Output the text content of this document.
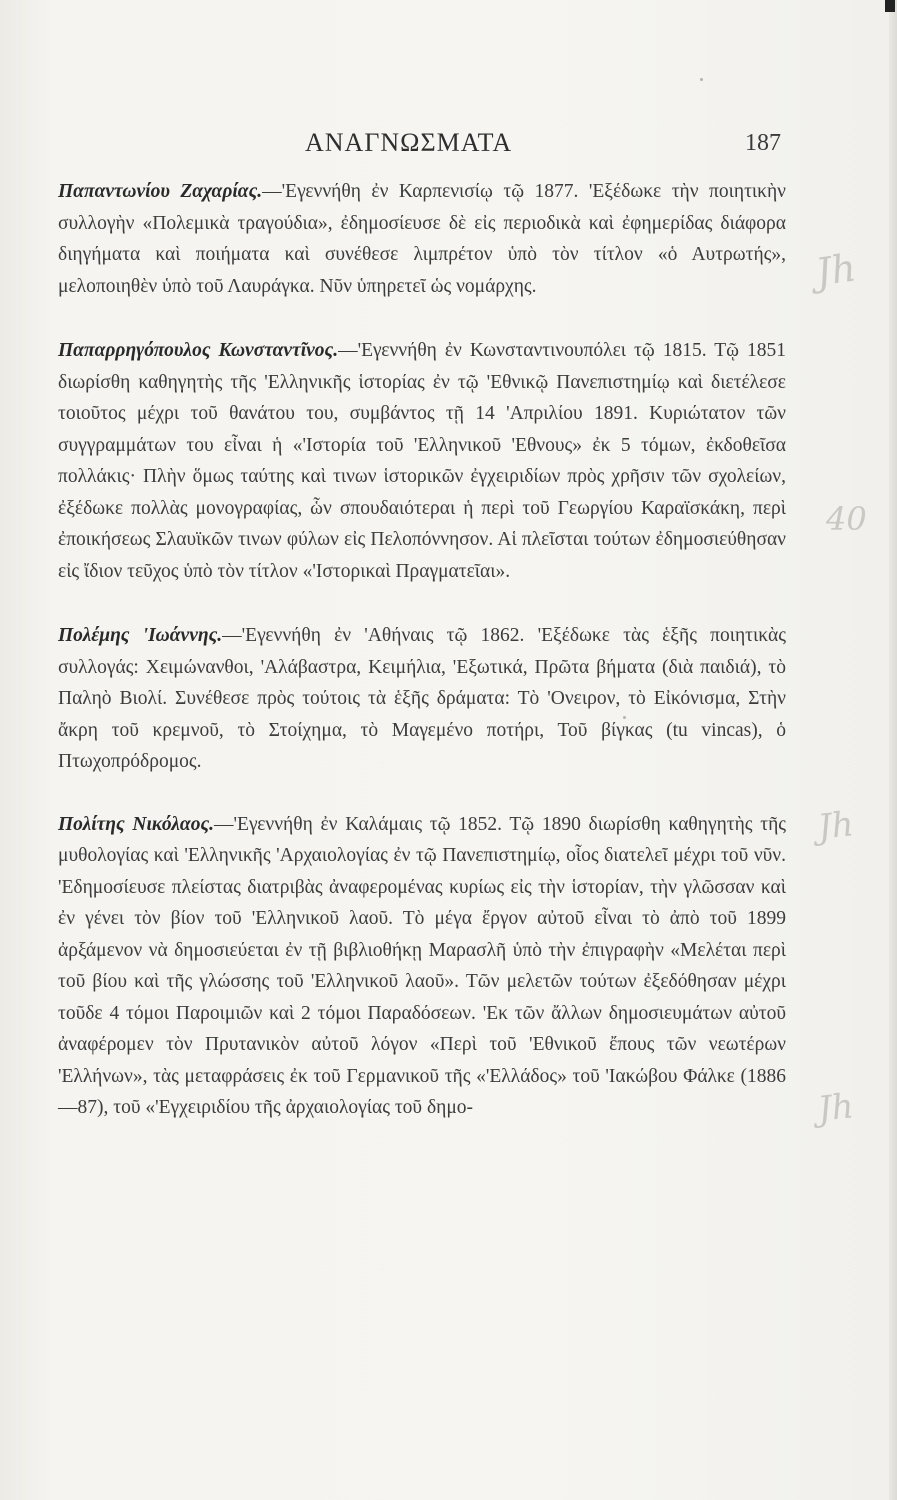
ΑΝΑΓΝΩΣΜΑΤΑ	187

Παπαντωνίου Ζαχαρίας.—'Εγεννήθη ἐν Καρπενισίῳ τῷ 1877. 'Εξέδωκε τὴν ποιητικὴν συλλογὴν «Πολεμικὰ τραγούδια», ἐδημοσίευσε δὲ εἰς περιοδικὰ καὶ ἐφημερίδας διάφορα διηγήματα καὶ ποιήματα καὶ συνέθεσε λιμπρέτον ὑπὸ τὸν τίτλον «ὁ Αυτρωτής», μελοποιηθὲν ὑπὸ τοῦ Λαυράγκα. Νῦν ὑπηρετεῖ ὡς νομάρχης.

Παπαρρηγόπουλος Κωνσταντῖνος.—'Εγεννήθη ἐν Κωνσταντινουπόλει τῷ 1815. Τῷ 1851 διωρίσθη καθηγητὴς τῆς 'Ελληνικῆς ἱστορίας ἐν τῷ 'Εθνικῷ Πανεπιστημίῳ καὶ διετέλεσε τοιοῦτος μέχρι τοῦ θανάτου του, συμβάντος τῇ 14 'Απριλίου 1891. Κυριώτατον τῶν συγγραμμάτων του εἶναι ἡ «'Ιστορία τοῦ 'Ελληνικοῦ 'Εθνους» ἐκ 5 τόμων, ἐκδοθεῖσα πολλάκις· Πλὴν ὅμως ταύτης καὶ τινων ἱστορικῶν ἐγχειριδίων πρὸς χρῆσιν τῶν σχολείων, ἐξέδωκε πολλὰς μονογραφίας, ὧν σπουδαιότεραι ἡ περὶ τοῦ Γεωργίου Καραϊσκάκη, περὶ ἐποικήσεως Σλαυϊκῶν τινων φύλων εἰς Πελοπόννησον. Αἱ πλεῖσται τούτων ἐδημοσιεύθησαν εἰς ἴδιον τεῦχος ὑπὸ τὸν τίτλον «'Ιστορικαὶ Πραγματεῖαι».

Πολέμης 'Ιωάννης.—'Εγεννήθη ἐν 'Αθήναις τῷ 1862. 'Εξέδωκε τὰς ἑξῆς ποιητικὰς συλλογάς: Χειμώνανθοι, 'Αλάβαστρα, Κειμήλια, 'Εξωτικά, Πρῶτα βήματα (διὰ παιδιά), τὸ Παληὸ Βιολί. Συνέθεσε πρὸς τούτοις τὰ ἑξῆς δράματα: Τὸ 'Ονειρον, τὸ Εἰκόνισμα, Στὴν ἄκρη τοῦ κρεμνοῦ, τὸ Στοίχημα, τὸ Μαγεμένο ποτήρι, Τοῦ βίγκας (tu vincas), ὁ Πτωχοπρόδρομος.

Πολίτης Νικόλαος.—'Εγεννήθη ἐν Καλάμαις τῷ 1852. Τῷ 1890 διωρίσθη καθηγητὴς τῆς μυθολογίας καὶ 'Ελληνικῆς 'Αρχαιολογίας ἐν τῷ Πανεπιστημίῳ, οἷος διατελεῖ μέχρι τοῦ νῦν. 'Εδημοσίευσε πλείστας διατριβὰς ἀναφερομένας κυρίως εἰς τὴν ἱστορίαν, τὴν γλῶσσαν καὶ ἐν γένει τὸν βίον τοῦ 'Ελληνικοῦ λαοῦ. Τὸ μέγα ἔργον αὐτοῦ εἶναι τὸ ἀπὸ τοῦ 1899 ἀρξάμενον νὰ δημοσιεύεται ἐν τῇ βιβλιοθήκῃ Μαρασλῆ ὑπὸ τὴν ἐπιγραφὴν «Μελέται περὶ τοῦ βίου καὶ τῆς γλώσσης τοῦ 'Ελληνικοῦ λαοῦ». Τῶν μελετῶν τούτων ἐξεδόθησαν μέχρι τοῦδε 4 τόμοι Παροιμιῶν καὶ 2 τόμοι Παραδόσεων. 'Εκ τῶν ἄλλων δημοσιευμάτων αὐτοῦ ἀναφέρομεν τὸν Πρυτανικὸν αὐτοῦ λόγον «Περὶ τοῦ 'Εθνικοῦ ἔπους τῶν νεωτέρων 'Ελλήνων», τὰς μεταφράσεις ἐκ τοῦ Γερμανικοῦ τῆς «'Ελλάδος» τοῦ 'Ιακώβου Φάλκε (1886—87), τοῦ «'Εγχειριδίου τῆς ἀρχαιολογίας τοῦ δημο-

Jh
40
Jh
Jh
